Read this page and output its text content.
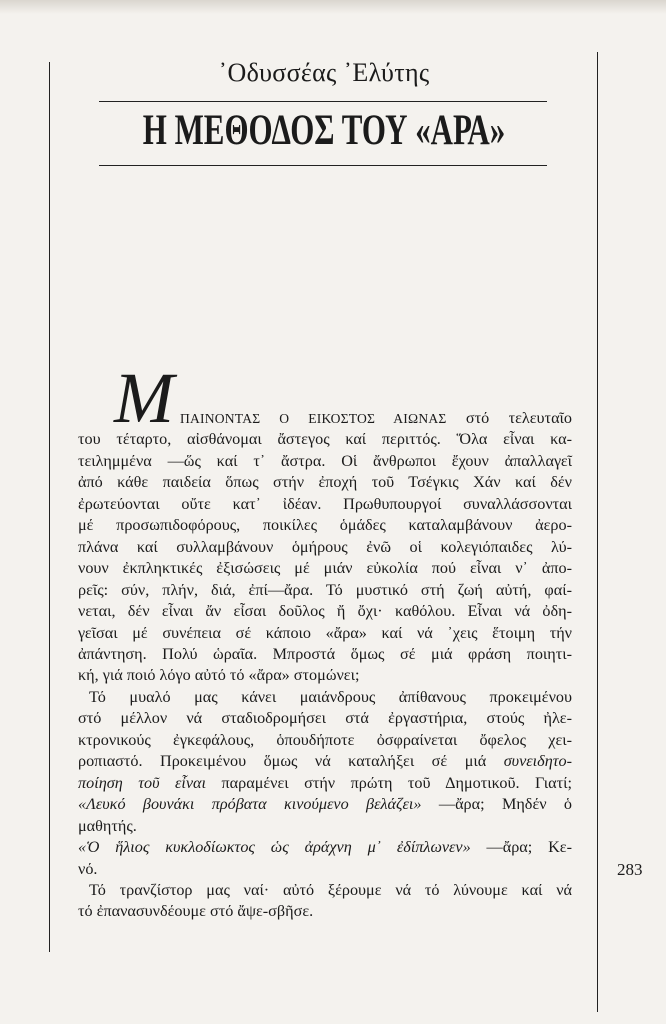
᾿Οδυσσέας ᾿Ελύτης
Η ΜΕΘΟΔΟΣ ΤΟΥ «ΑΡΑ»
Μ ΠΑΙΝΟΝΤΑΣ Ο ΕΙΚΟΣΤΟΣ ΑΙΩΝΑΣ στό τελευταῖο
του τέταρτο, αἰσθάνομαι ἄστεγος καί περιττός. Ὅλα εἶναι κα-
τειλημμένα —ὥς καί τ᾿ ἄστρα. Οἱ ἄνθρωποι ἔχουν ἀπαλλαγεῖ
ἀπό κάθε παιδεία ὅπως στήν ἐποχή τοῦ Τσέγκις Χάν καί δέν
ἐρωτεύονται οὔτε κατ᾿ ἰδέαν. Πρωθυπουργοί συναλλάσσονται
μέ προσωπιδοφόρους, ποικίλες ὁμάδες καταλαμβάνουν ἀερο-
πλάνα καί συλλαμβάνουν ὁμήρους ἐνῶ οἱ κολεγιόπαιδες λύ-
νουν ἐκπληκτικές ἐξισώσεις μέ μιάν εὐκολία πού εἶναι ν᾿ ἀπο-
ρεῖς: σύν, πλήν, διά, ἐπί—ἄρα. Τό μυστικό στή ζωή αὐτή, φαί-
νεται, δέν εἶναι ἄν εἶσαι δοῦλος ἤ ὄχι· καθόλου. Εἶναι νά ὀδη-
γεῖσαι μέ συνέπεια σέ κάποιο «ἄρα» καί νά ᾿χεις ἕτοιμη τήν
ἀπάντηση. Πολύ ὡραῖα. Μπροστά ὅμως σέ μιά φράση ποιητι-
κή, γιά ποιό λόγο αὐτό τό «ἄρα» στομώνει;
Τό μυαλό μας κάνει μαιάνδρους ἀπίθανους προκειμένου
στό μέλλον νά σταδιοδρομήσει στά ἐργαστήρια, στούς ἠλε-
κτρονικούς ἐγκεφάλους, ὁπουδήποτε ὀσφραίνεται ὄφελος χει-
ροπιαστό. Προκειμένου ὅμως νά καταλήξει σέ μιά συνειδητο-
ποίηση τοῦ εἶναι παραμένει στήν πρώτη τοῦ Δημοτικοῦ. Γιατί;
«Λευκό βουνάκι πρόβατα κινούμενο βελάζει» —ἄρα; Μηδέν ὁ
μαθητής.
«Ὁ ἥλιος κυκλοδίωκτος ὡς ἀράχνη μ᾿ ἐδίπλωνεν» —ἄρα; Κε-
νό.
Τό τρανζίστορ μας ναί· αὐτό ξέρουμε νά τό λύνουμε καί νά
τό ἐπανασυνδέουμε στό ἄψε-σβῆσε.
283
